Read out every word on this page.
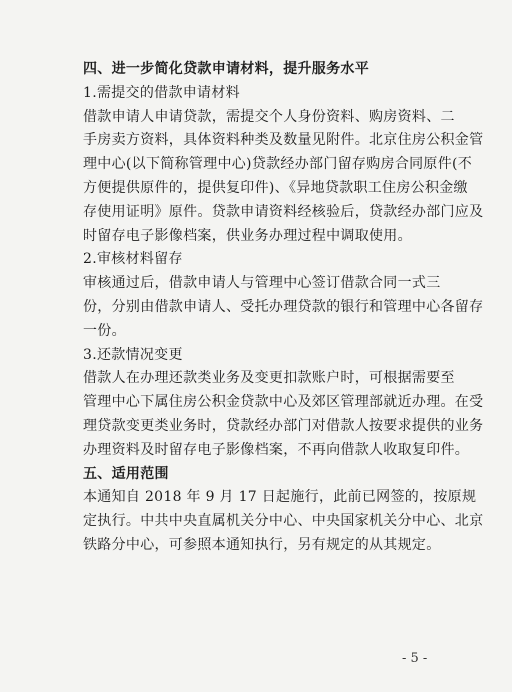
四、进一步简化贷款申请材料，提升服务水平
1.需提交的借款申请材料
借款申请人申请贷款，需提交个人身份资料、购房资料、二
手房卖方资料，具体资料种类及数量见附件。北京住房公积金管
理中心(以下简称管理中心)贷款经办部门留存购房合同原件(不
方便提供原件的，提供复印件)、《异地贷款职工住房公积金缴
存使用证明》原件。贷款申请资料经核验后，贷款经办部门应及
时留存电子影像档案，供业务办理过程中调取使用。
2.审核材料留存
审核通过后，借款申请人与管理中心签订借款合同一式三
份，分别由借款申请人、受托办理贷款的银行和管理中心各留存
一份。
3.还款情况变更
借款人在办理还款类业务及变更扣款账户时，可根据需要至
管理中心下属住房公积金贷款中心及郊区管理部就近办理。在受
理贷款变更类业务时，贷款经办部门对借款人按要求提供的业务
办理资料及时留存电子影像档案，不再向借款人收取复印件。
五、适用范围
本通知自 2018 年 9 月 17 日起施行，此前已网签的，按原规
定执行。中共中央直属机关分中心、中央国家机关分中心、北京
铁路分中心，可参照本通知执行，另有规定的从其规定。
- 5 -
